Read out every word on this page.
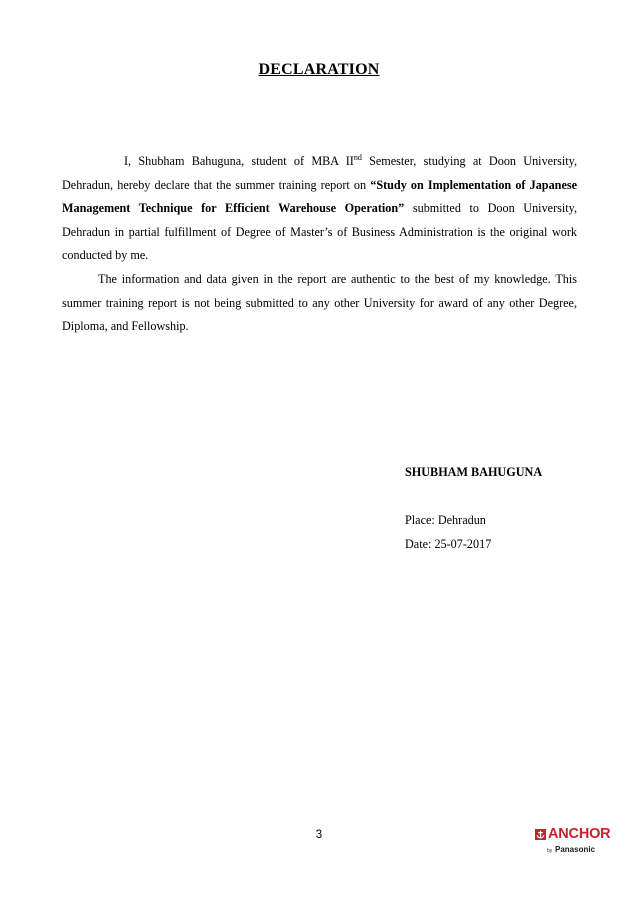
DECLARATION

I, Shubham Bahuguna, student of MBA IInd Semester, studying at Doon University, Dehradun, hereby declare that the summer training report on “Study on Implementation of Japanese Management Technique for Efficient Warehouse Operation” submitted to Doon University, Dehradun in partial fulfillment of Degree of Master’s of Business Administration is the original work conducted by me.

The information and data given in the report are authentic to the best of my knowledge. This summer training report is not being submitted to any other University for award of any other Degree, Diploma, and Fellowship.

SHUBHAM BAHUGUNA
Place: Dehradun
Date: 25-07-2017
3	ANCHOR
by Panasonic
